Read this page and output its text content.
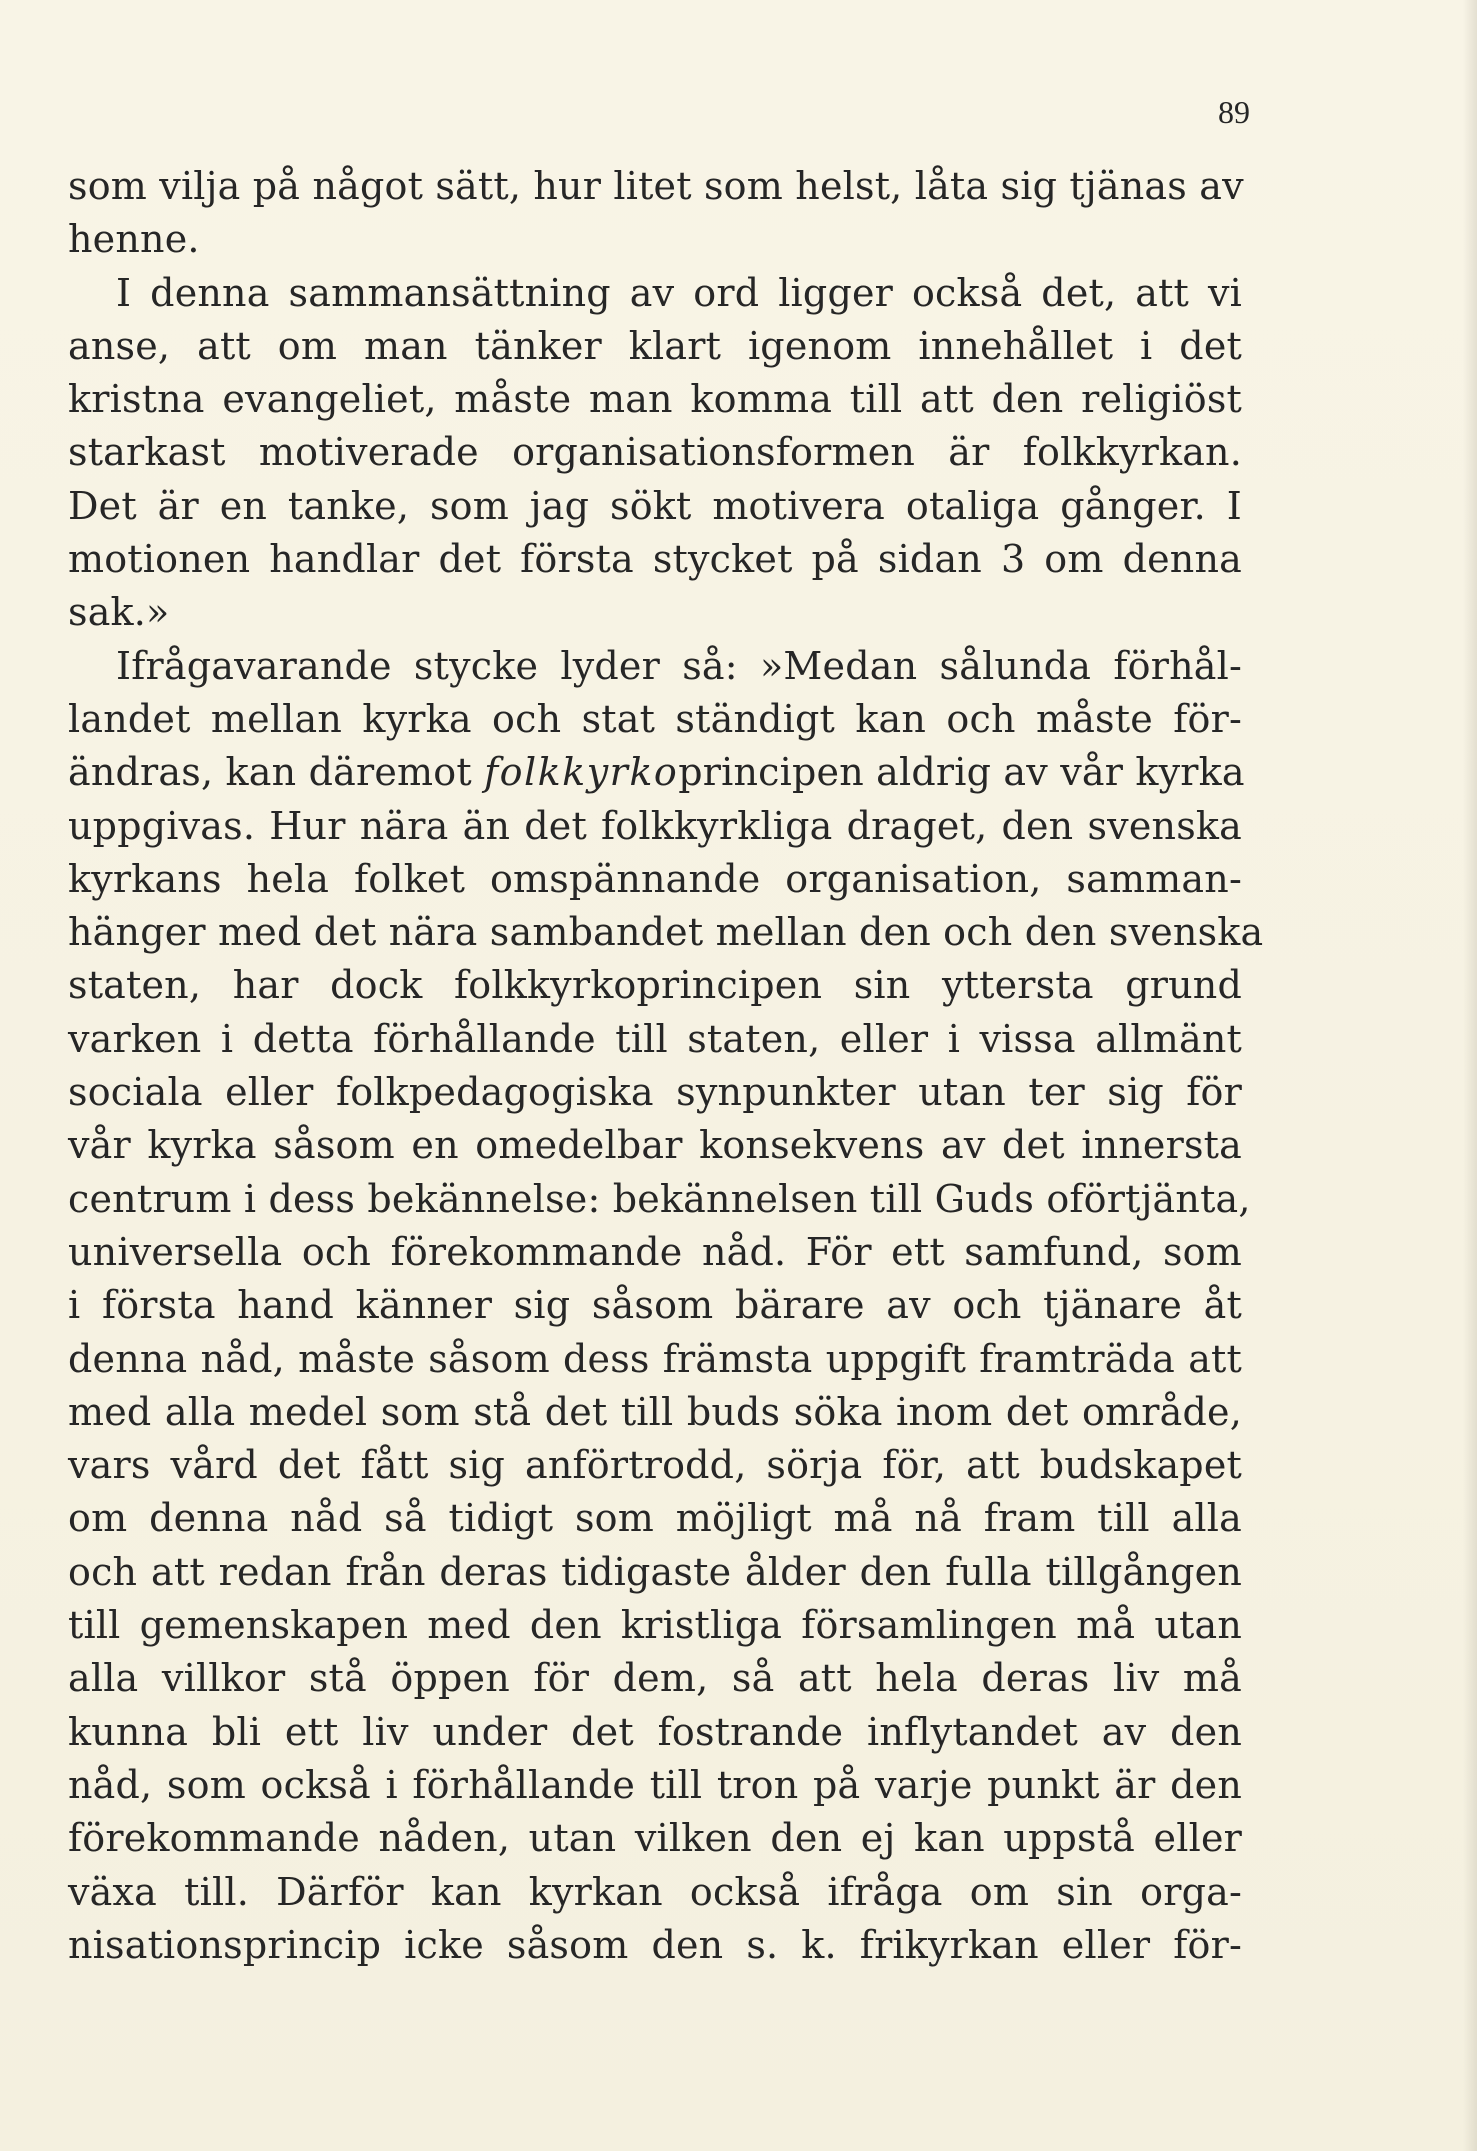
89
som vilja på något sätt, hur litet som helst, låta sig tjänas av
henne.
I denna sammansättning av ord ligger också det, att vi
anse, att om man tänker klart igenom innehållet i det
kristna evangeliet, måste man komma till att den religiöst
starkast motiverade organisationsformen är folkkyrkan.
Det är en tanke, som jag sökt motivera otaliga gånger. I
motionen handlar det första stycket på sidan 3 om denna
sak.»
Ifrågavarande stycke lyder så: »Medan sålunda förhål-
landet mellan kyrka och stat ständigt kan och måste för-
ändras, kan däremot folkkyrkoprincipen aldrig av vår kyrka
uppgivas. Hur nära än det folkkyrkliga draget, den svenska
kyrkans hela folket omspännande organisation, samman-
hänger med det nära sambandet mellan den och den svenska
staten, har dock folkkyrkoprincipen sin yttersta grund
varken i detta förhållande till staten, eller i vissa allmänt
sociala eller folkpedagogiska synpunkter utan ter sig för
vår kyrka såsom en omedelbar konsekvens av det innersta
centrum i dess bekännelse: bekännelsen till Guds oförtjänta,
universella och förekommande nåd. För ett samfund, som
i första hand känner sig såsom bärare av och tjänare åt
denna nåd, måste såsom dess främsta uppgift framträda att
med alla medel som stå det till buds söka inom det område,
vars vård det fått sig anförtrodd, sörja för, att budskapet
om denna nåd så tidigt som möjligt må nå fram till alla
och att redan från deras tidigaste ålder den fulla tillgången
till gemenskapen med den kristliga församlingen må utan
alla villkor stå öppen för dem, så att hela deras liv må
kunna bli ett liv under det fostrande inflytandet av den
nåd, som också i förhållande till tron på varje punkt är den
förekommande nåden, utan vilken den ej kan uppstå eller
växa till. Därför kan kyrkan också ifråga om sin orga-
nisationsprincip icke såsom den s. k. frikyrkan eller för-
